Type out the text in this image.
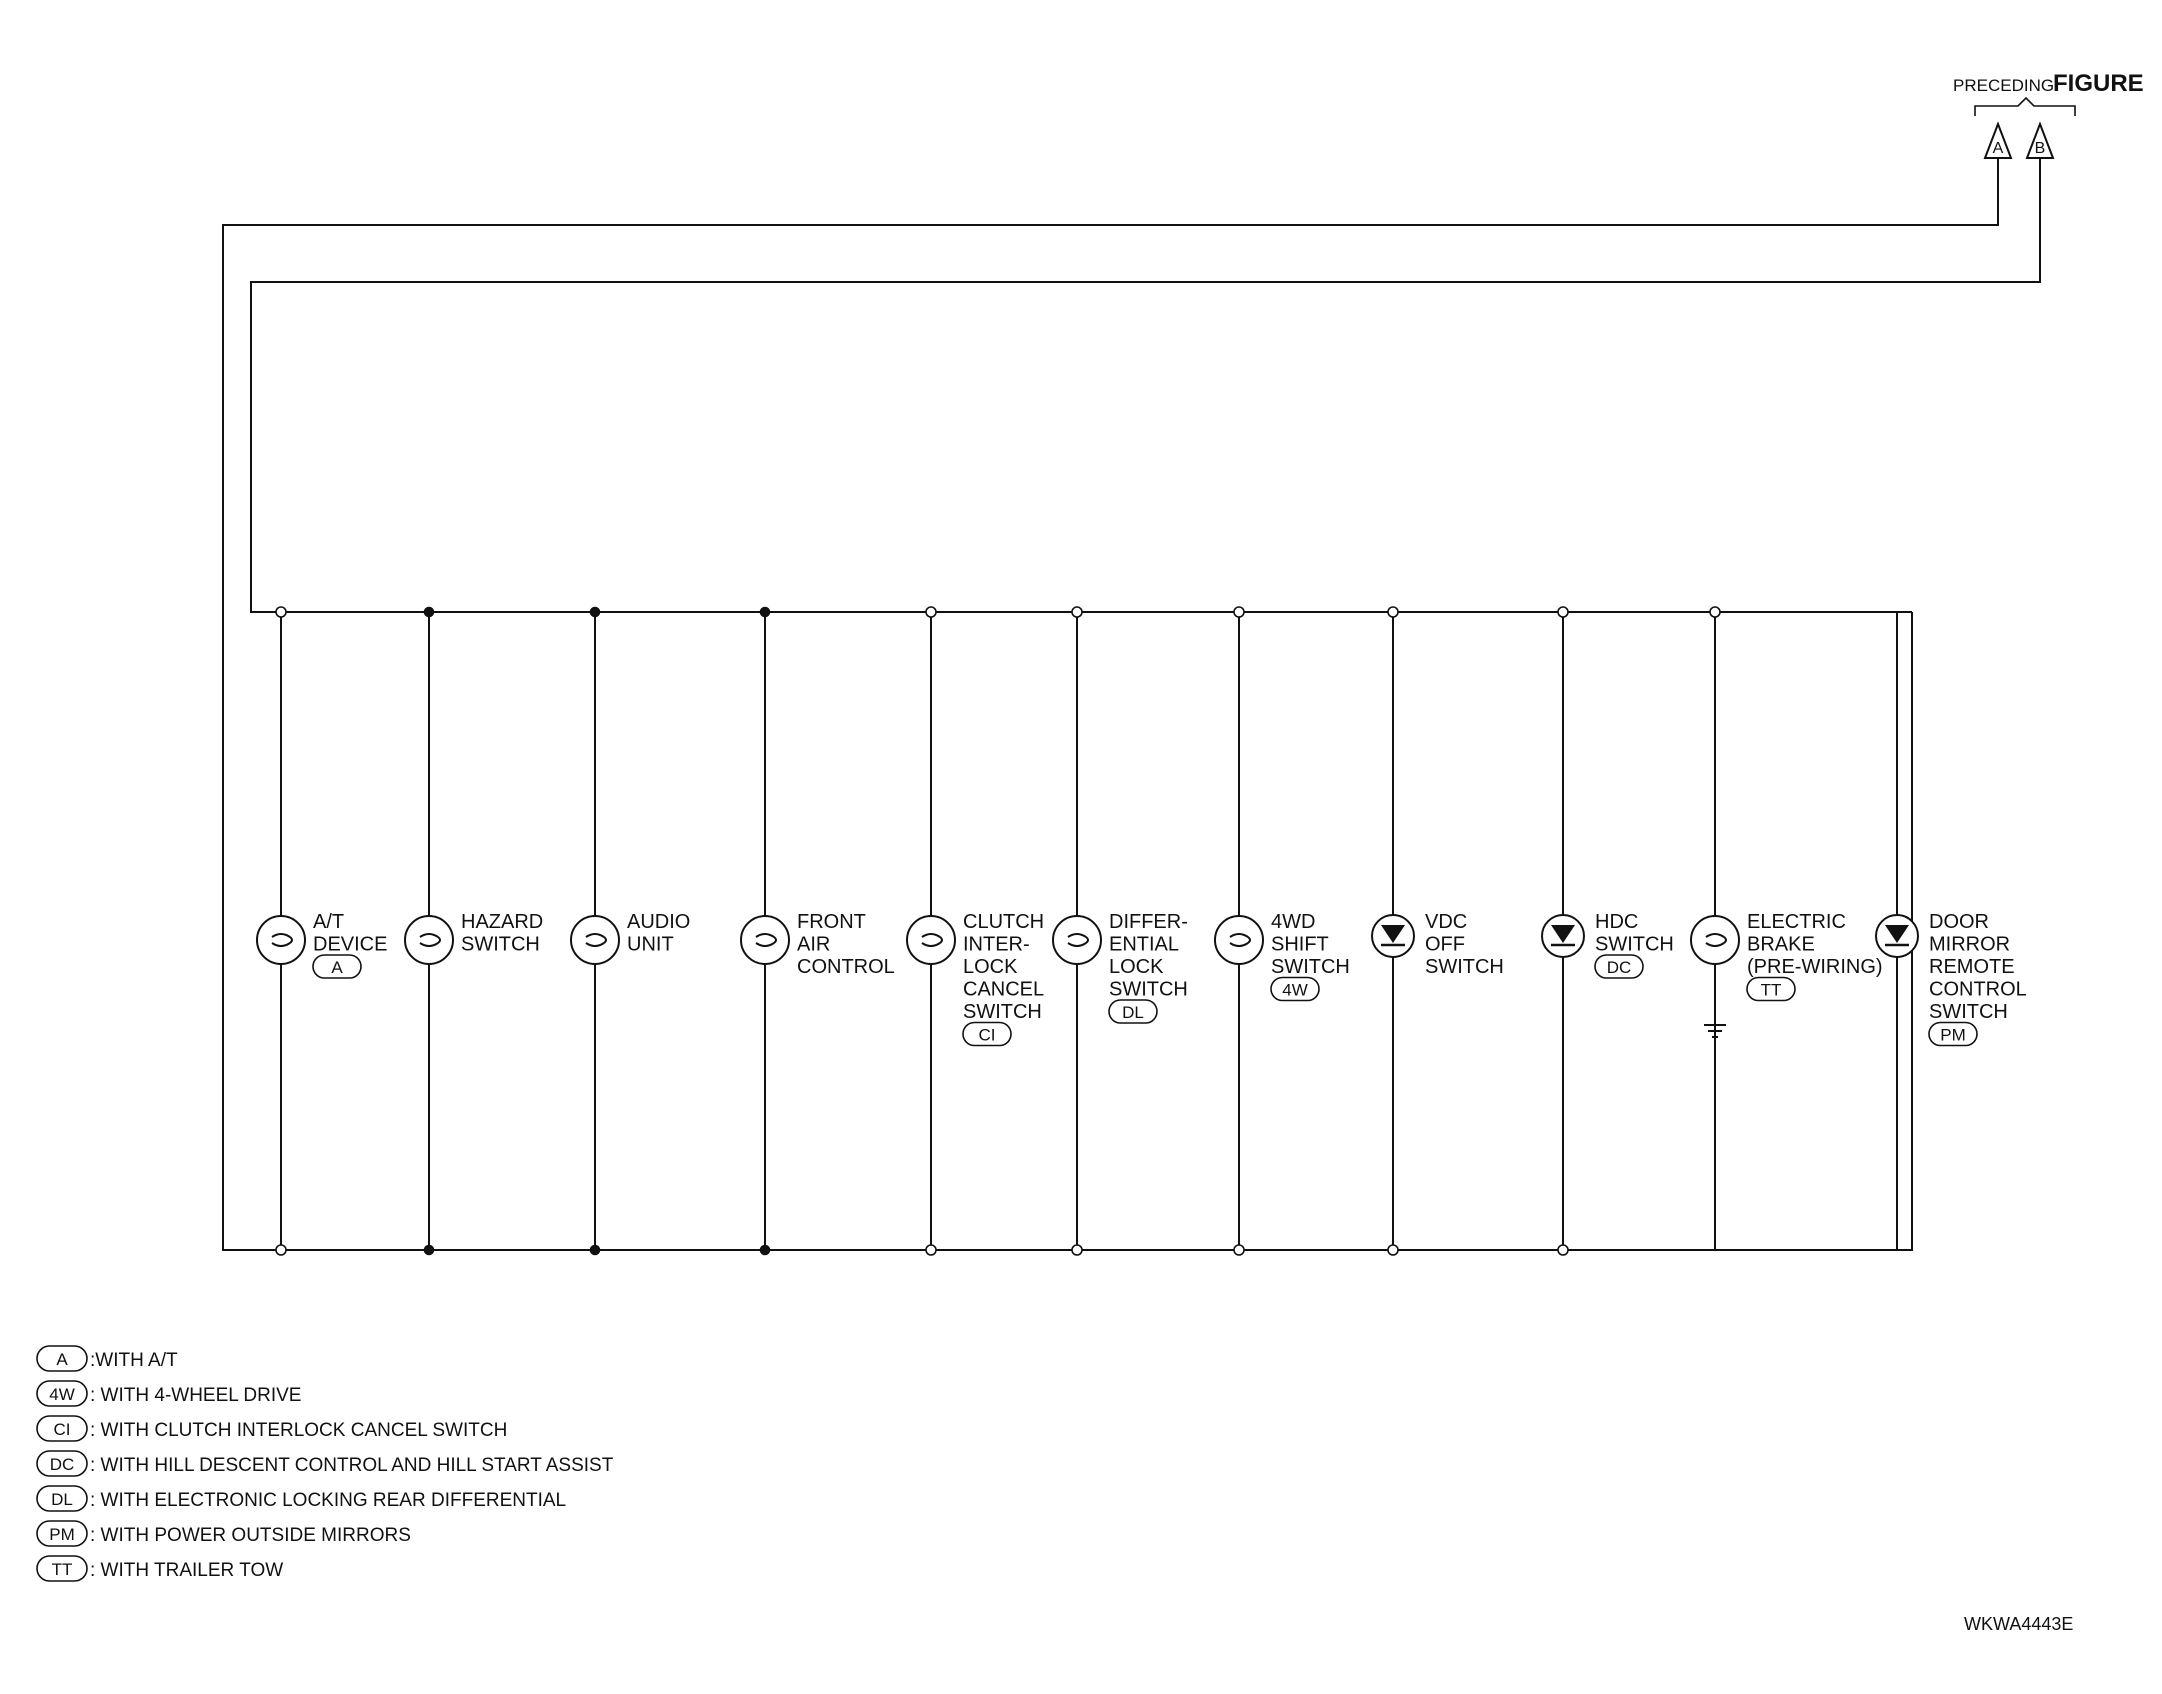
PRECEDING
FIGURE
A B
A/T DEVICE
A
HAZARD SWITCH
AUDIO UNIT
FRONT AIR CONTROL
CLUTCH INTER-LOCK CANCEL SWITCH
CI
DIFFER-ENTIAL LOCK SWITCH
DL
4WD SHIFT SWITCH
4W
VDC OFF SWITCH
HDC SWITCH
DC
ELECTRIC BRAKE (PRE-WIRING)
TT
DOOR MIRROR REMOTE CONTROL SWITCH
PM
A :WITH A/T
4W : WITH 4-WHEEL DRIVE
CI : WITH CLUTCH INTERLOCK CANCEL SWITCH
DC : WITH HILL DESCENT CONTROL AND HILL START ASSIST
DL : WITH ELECTRONIC LOCKING REAR DIFFERENTIAL
PM : WITH POWER OUTSIDE MIRRORS
TT : WITH TRAILER TOW
WKWA4443E
